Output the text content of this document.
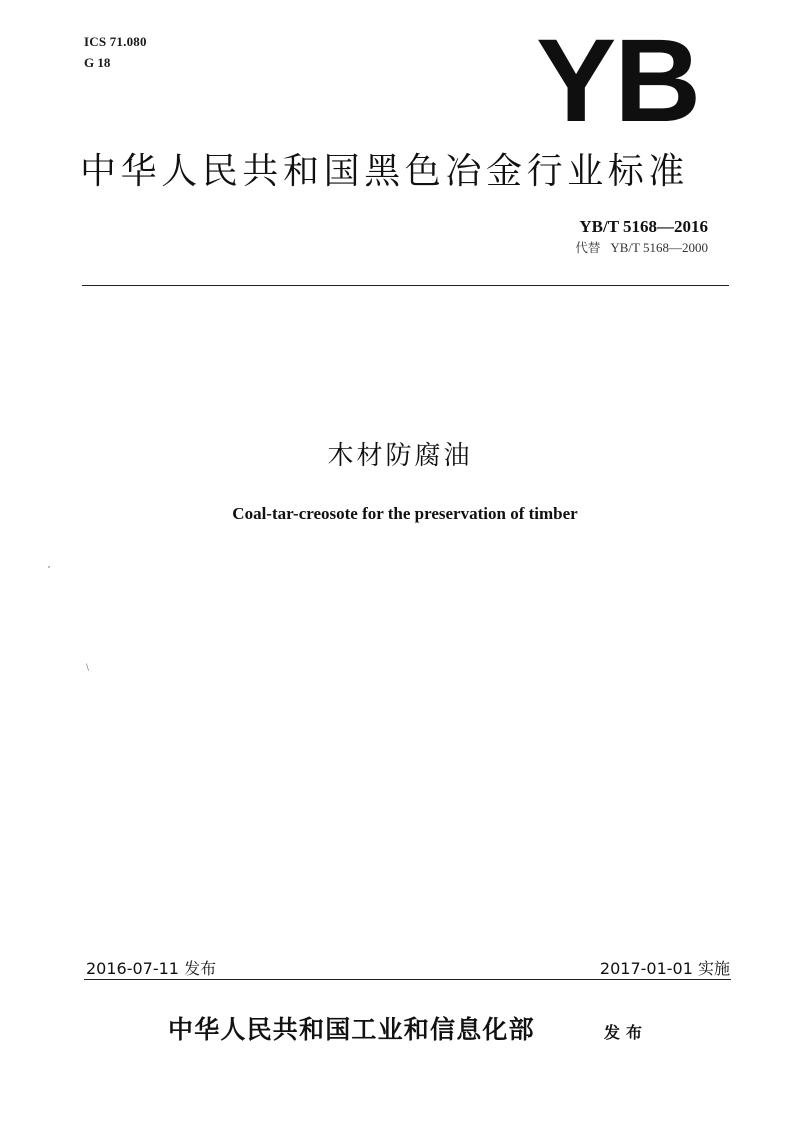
ICS 71.080
G 18	YB
中华人民共和国黑色冶金行业标准
YB/T 5168—2016
代替 YB/T 5168—2000
木材防腐油
Coal-tar-creosote for the preservation of timber
\
2016-07-11 发布	2017-01-01 实施
中华人民共和国工业和信息化部	发布
